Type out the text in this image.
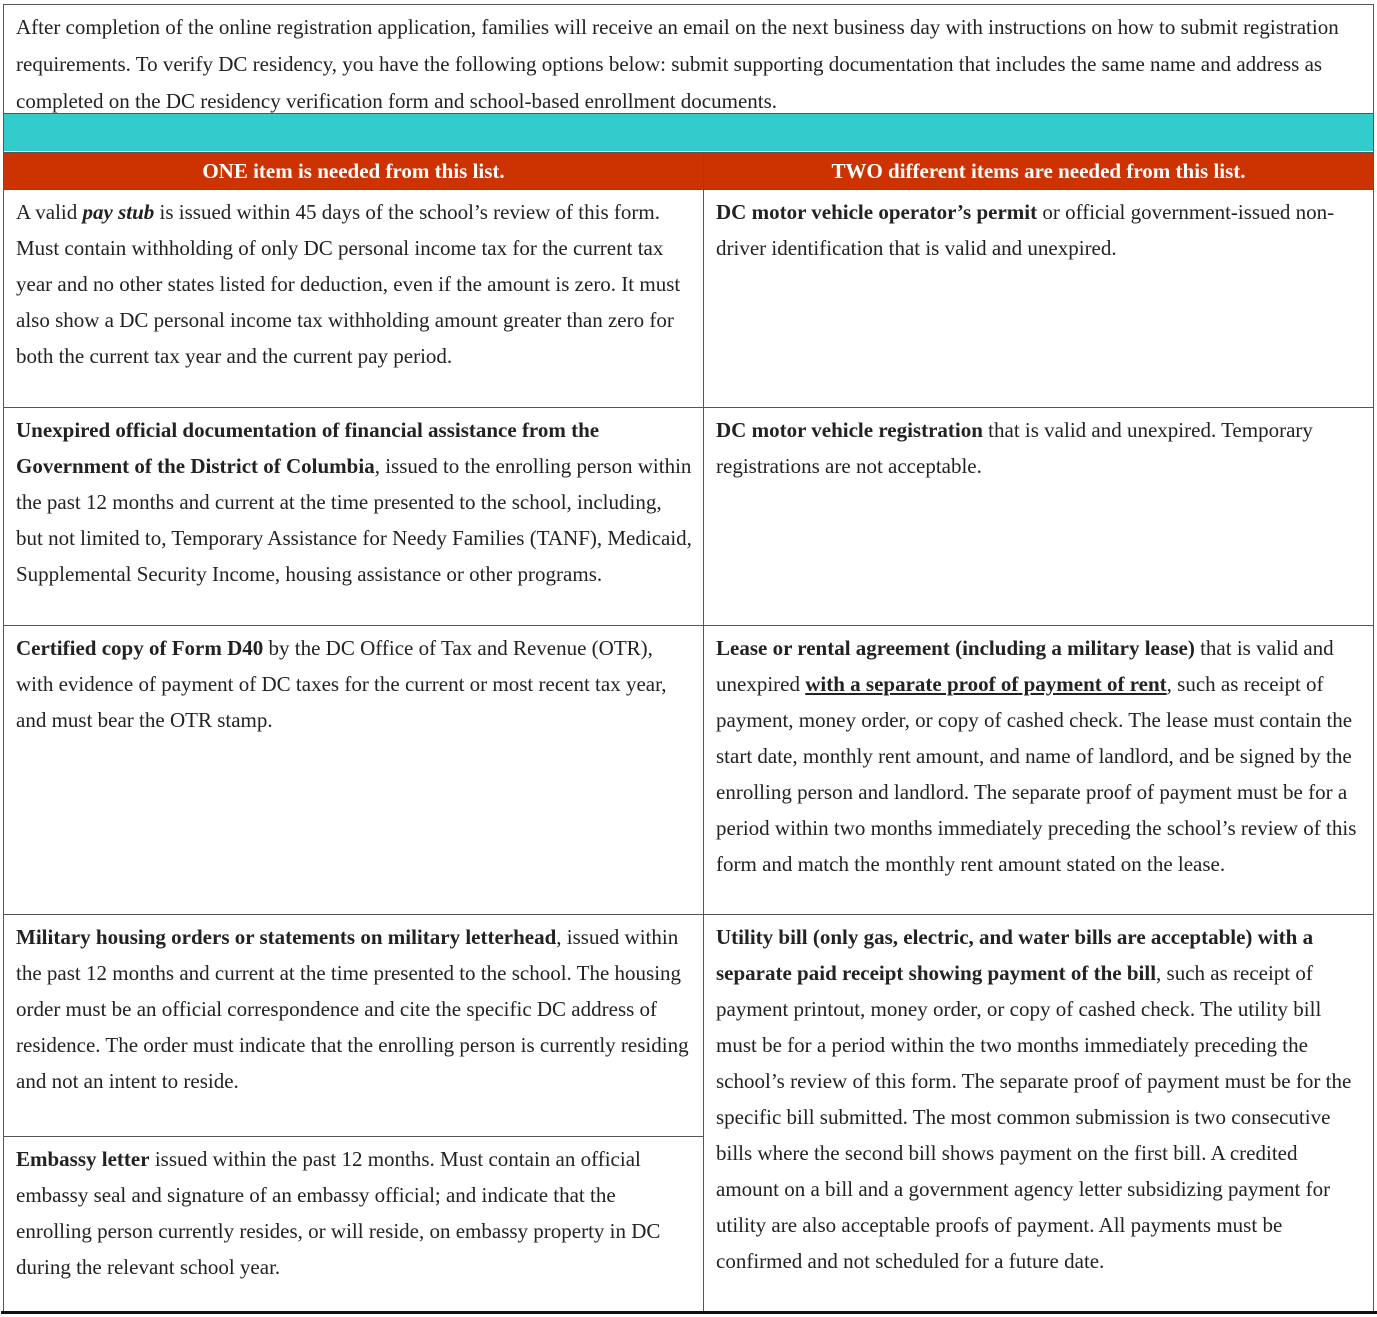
After completion of the online registration application, families will receive an email on the next business day with instructions on how to submit registration requirements. To verify DC residency, you have the following options below: submit supporting documentation that includes the same name and address as completed on the DC residency verification form and school-based enrollment documents.
ONE item is needed from this list.	TWO different items are needed from this list.
A valid pay stub is issued within 45 days of the school’s review of this form. Must contain withholding of only DC personal income tax for the current tax year and no other states listed for deduction, even if the amount is zero. It must also show a DC personal income tax withholding amount greater than zero for both the current tax year and the current pay period.
Unexpired official documentation of financial assistance from the Government of the District of Columbia, issued to the enrolling person within the past 12 months and current at the time presented to the school, including, but not limited to, Temporary Assistance for Needy Families (TANF), Medicaid, Supplemental Security Income, housing assistance or other programs.
Certified copy of Form D40 by the DC Office of Tax and Revenue (OTR), with evidence of payment of DC taxes for the current or most recent tax year, and must bear the OTR stamp.
Military housing orders or statements on military letterhead, issued within the past 12 months and current at the time presented to the school. The housing order must be an official correspondence and cite the specific DC address of residence. The order must indicate that the enrolling person is currently residing and not an intent to reside.
Embassy letter issued within the past 12 months. Must contain an official embassy seal and signature of an embassy official; and indicate that the enrolling person currently resides, or will reside, on embassy property in DC during the relevant school year.
DC motor vehicle operator’s permit or official government-issued non-driver identification that is valid and unexpired.
DC motor vehicle registration that is valid and unexpired. Temporary registrations are not acceptable.
Lease or rental agreement (including a military lease) that is valid and unexpired with a separate proof of payment of rent, such as receipt of payment, money order, or copy of cashed check. The lease must contain the start date, monthly rent amount, and name of landlord, and be signed by the enrolling person and landlord. The separate proof of payment must be for a period within two months immediately preceding the school’s review of this form and match the monthly rent amount stated on the lease.
Utility bill (only gas, electric, and water bills are acceptable) with a separate paid receipt showing payment of the bill, such as receipt of payment printout, money order, or copy of cashed check. The utility bill must be for a period within the two months immediately preceding the school’s review of this form. The separate proof of payment must be for the specific bill submitted. The most common submission is two consecutive bills where the second bill shows payment on the first bill. A credited amount on a bill and a government agency letter subsidizing payment for utility are also acceptable proofs of payment. All payments must be confirmed and not scheduled for a future date.
